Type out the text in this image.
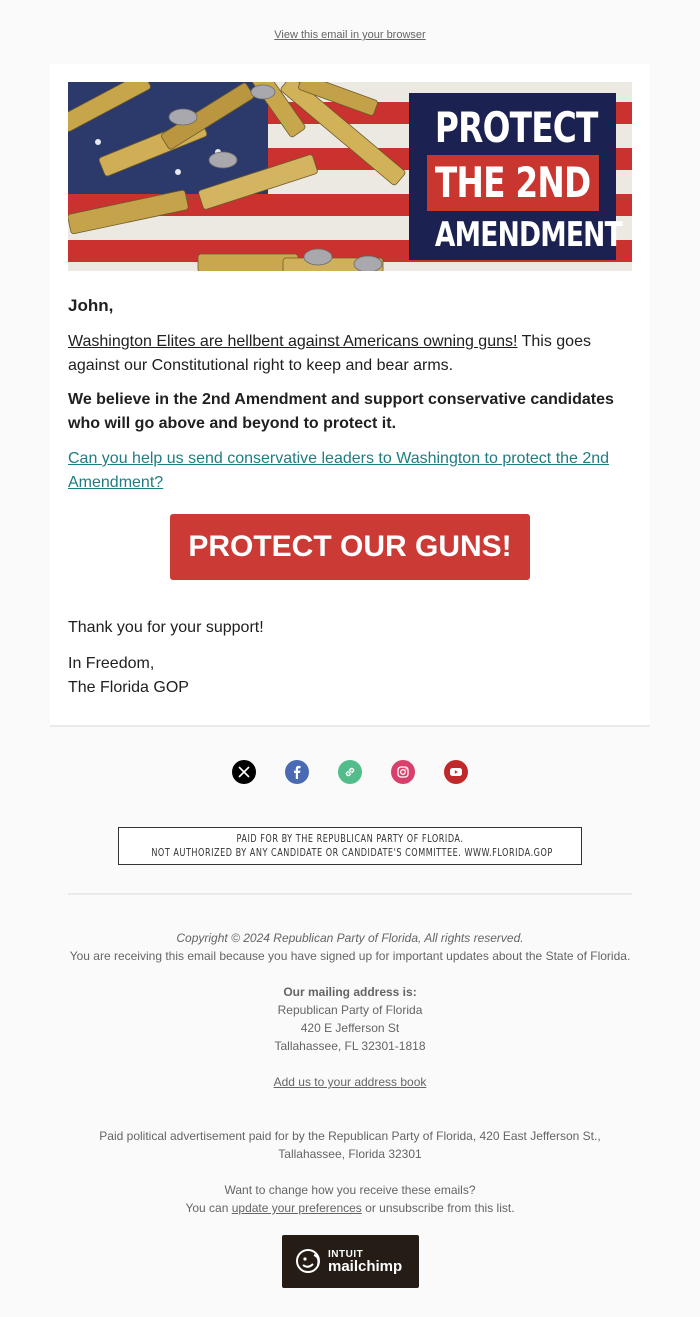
View this email in your browser
PROTECT
THE 2ND
AMENDMENT
John,

Washington Elites are hellbent against Americans owning guns! This goes against our Constitutional right to keep and bear arms.

We believe in the 2nd Amendment and support conservative candidates who will go above and beyond to protect it.

Can you help us send conservative leaders to Washington to protect the 2nd Amendment?

PROTECT OUR GUNS!
Thank you for your support!
In Freedom,
The Florida GOP
PAID FOR BY THE REPUBLICAN PARTY OF FLORIDA.
NOT AUTHORIZED BY ANY CANDIDATE OR CANDIDATE'S COMMITTEE. WWW.FLORIDA.GOP
Copyright © 2024 Republican Party of Florida, All rights reserved.
You are receiving this email because you have signed up for important updates about the State of Florida.
Our mailing address is:
Republican Party of Florida
420 E Jefferson St
Tallahassee, FL 32301-1818
Add us to your address book
Paid political advertisement paid for by the Republican Party of Florida, 420 East Jefferson St.,
Tallahassee, Florida 32301
Want to change how you receive these emails?
You can update your preferences or unsubscribe from this list.
INTUIT
mailchimp
